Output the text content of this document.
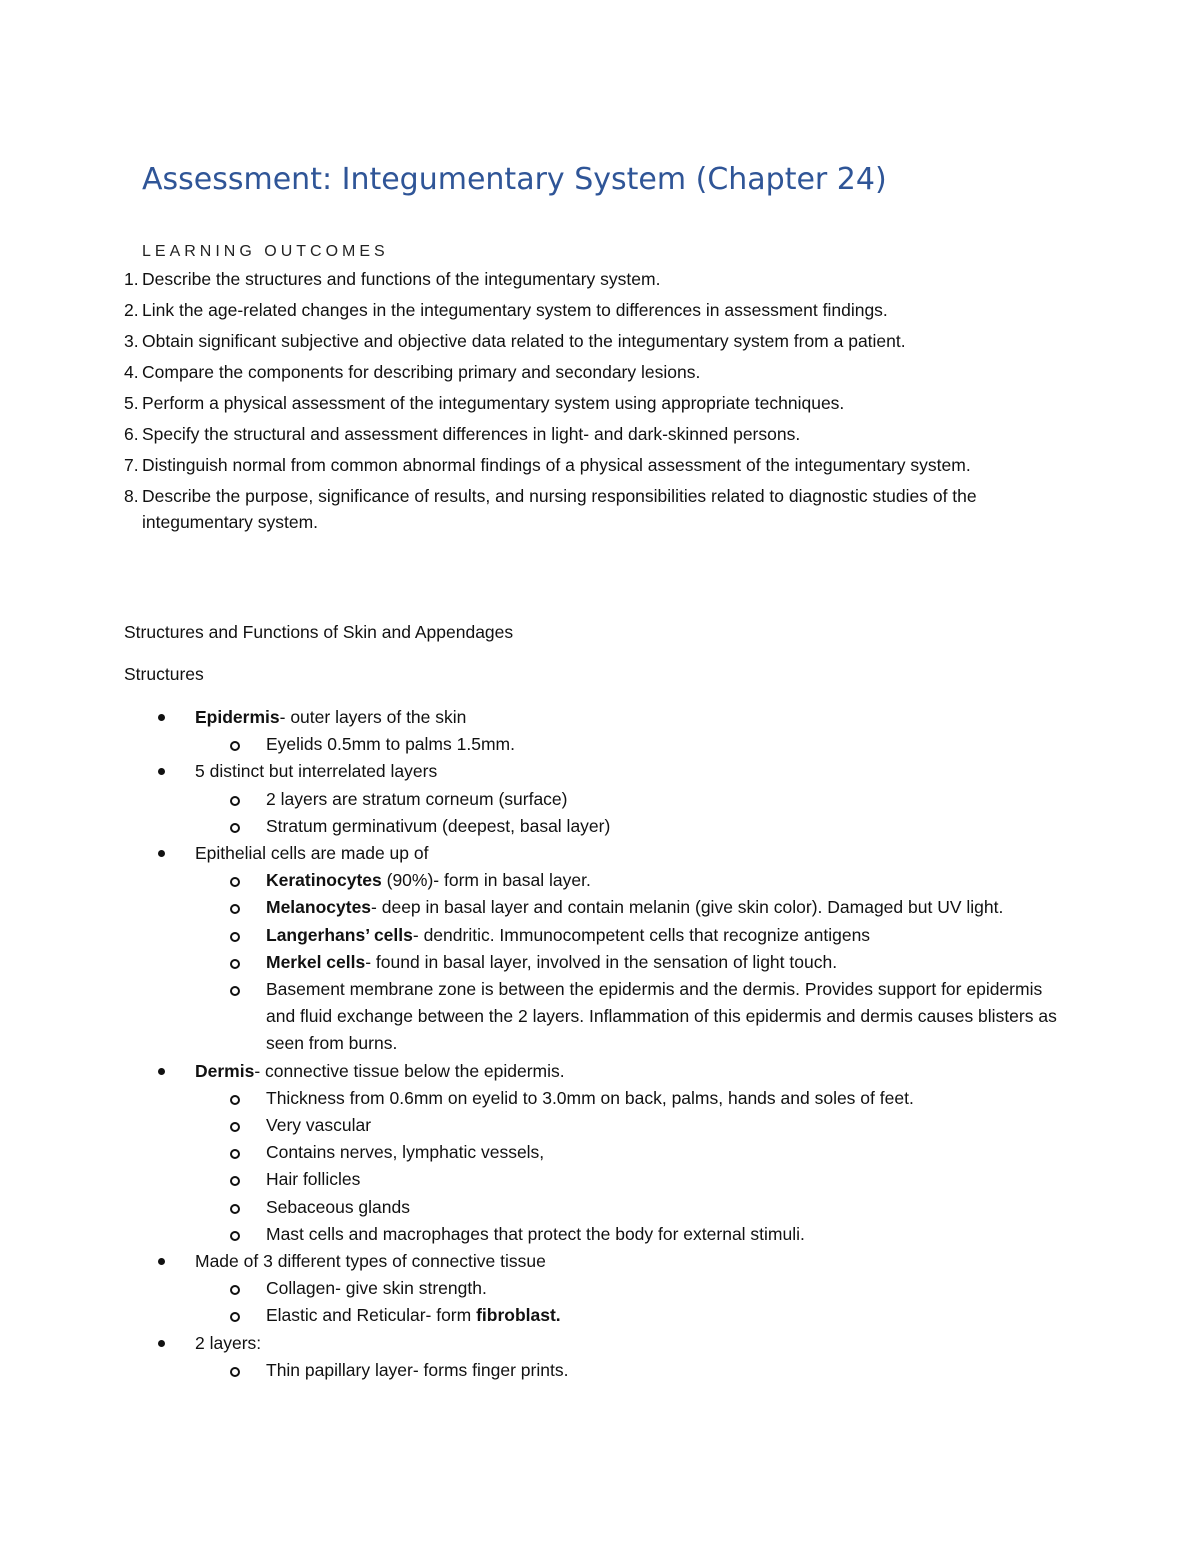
Assessment: Integumentary System (Chapter 24)
LEARNING OUTCOMES
1. Describe the structures and functions of the integumentary system.
2. Link the age-related changes in the integumentary system to differences in assessment findings.
3. Obtain significant subjective and objective data related to the integumentary system from a patient.
4. Compare the components for describing primary and secondary lesions.
5. Perform a physical assessment of the integumentary system using appropriate techniques.
6. Specify the structural and assessment differences in light- and dark-skinned persons.
7. Distinguish normal from common abnormal findings of a physical assessment of the integumentary system.
8. Describe the purpose, significance of results, and nursing responsibilities related to diagnostic studies of the integumentary system.
Structures and Functions of Skin and Appendages
Structures
Epidermis- outer layers of the skin
Eyelids 0.5mm to palms 1.5mm.
5 distinct but interrelated layers
2 layers are stratum corneum (surface)
Stratum germinativum (deepest, basal layer)
Epithelial cells are made up of
Keratinocytes (90%)- form in basal layer.
Melanocytes- deep in basal layer and contain melanin (give skin color). Damaged but UV light.
Langerhans’ cells- dendritic. Immunocompetent cells that recognize antigens
Merkel cells- found in basal layer, involved in the sensation of light touch.
Basement membrane zone is between the epidermis and the dermis. Provides support for epidermis and fluid exchange between the 2 layers. Inflammation of this epidermis and dermis causes blisters as seen from burns.
Dermis- connective tissue below the epidermis.
Thickness from 0.6mm on eyelid to 3.0mm on back, palms, hands and soles of feet.
Very vascular
Contains nerves, lymphatic vessels,
Hair follicles
Sebaceous glands
Mast cells and macrophages that protect the body for external stimuli.
Made of 3 different types of connective tissue
Collagen- give skin strength.
Elastic and Reticular- form fibroblast.
2 layers:
Thin papillary layer- forms finger prints.
